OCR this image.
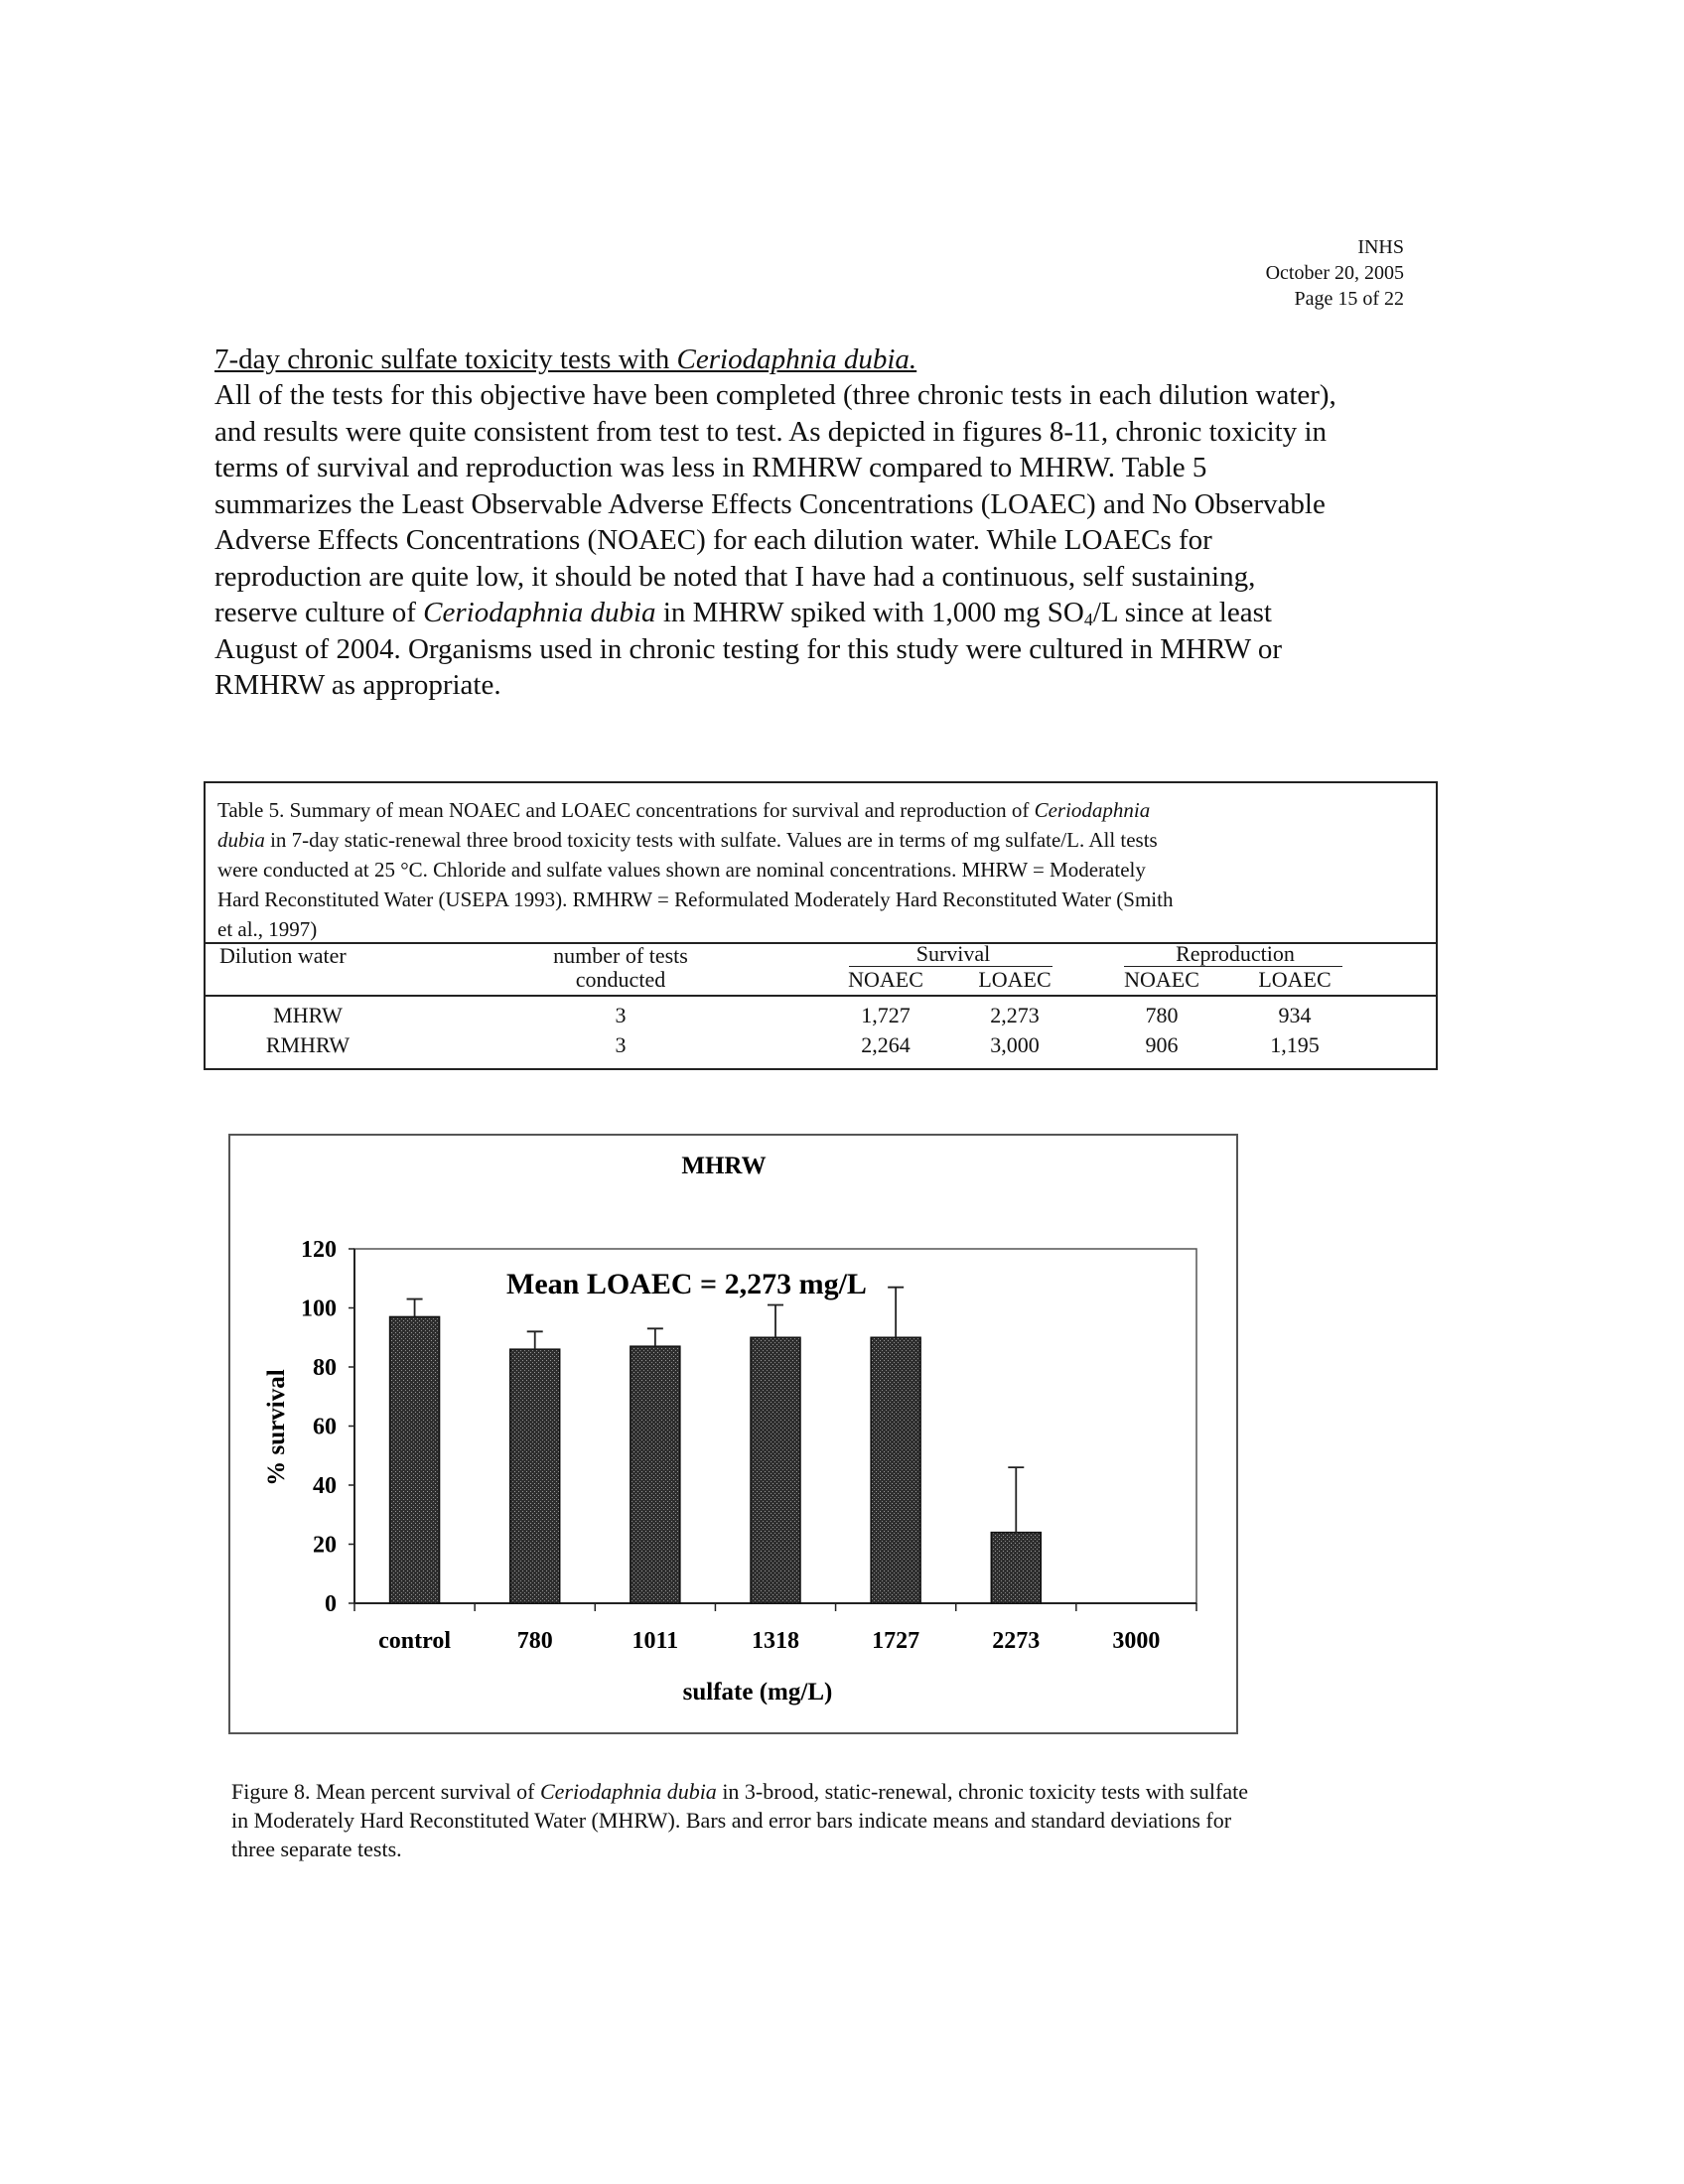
INHS
October 20, 2005
Page 15 of 22
7-day chronic sulfate toxicity tests with Ceriodaphnia dubia.
All of the tests for this objective have been completed (three chronic tests in each dilution water),
and results were quite consistent from test to test. As depicted in figures 8-11, chronic toxicity in
terms of survival and reproduction was less in RMHRW compared to MHRW. Table 5
summarizes the Least Observable Adverse Effects Concentrations (LOAEC) and No Observable
Adverse Effects Concentrations (NOAEC) for each dilution water. While LOAECs for
reproduction are quite low, it should be noted that I have had a continuous, self sustaining,
reserve culture of Ceriodaphnia dubia in MHRW spiked with 1,000 mg $SO_4/L$ since at least
August of 2004. Organisms used in chronic testing for this study were cultured in MHRW or
RMHRW as appropriate.
Table 5. Summary of mean NOAEC and LOAEC concentrations for survival and reproduction of Ceriodaphnia
dubia in 7-day static-renewal three brood toxicity tests with sulfate. Values are in terms of mg sulfate/L. All tests
were conducted at 25 °C. Chloride and sulfate values shown are nominal concentrations. MHRW = Moderately
Hard Reconstituted Water (USEPA 1993). RMHRW = Reformulated Moderately Hard Reconstituted Water (Smith
et al., 1997)
Dilution water	number of tests
conducted
Survival	Reproduction
NOAEC	LOAEC	NOAEC	LOAEC
MHRW	3	1,727	2,273	780	934
RMHRW	3	2,264	3,000	906	1,195
MHRW
Mean LOAEC = 2,273 mg/L
0
20
40
60
80
100
120
control	780	1011	1318	1727	2273	3000
sulfate (mg/L)
% survival
Figure 8. Mean percent survival of Ceriodaphnia dubia in 3-brood, static-renewal, chronic toxicity tests with sulfate
in Moderately Hard Reconstituted Water (MHRW). Bars and error bars indicate means and standard deviations for
three separate tests.
